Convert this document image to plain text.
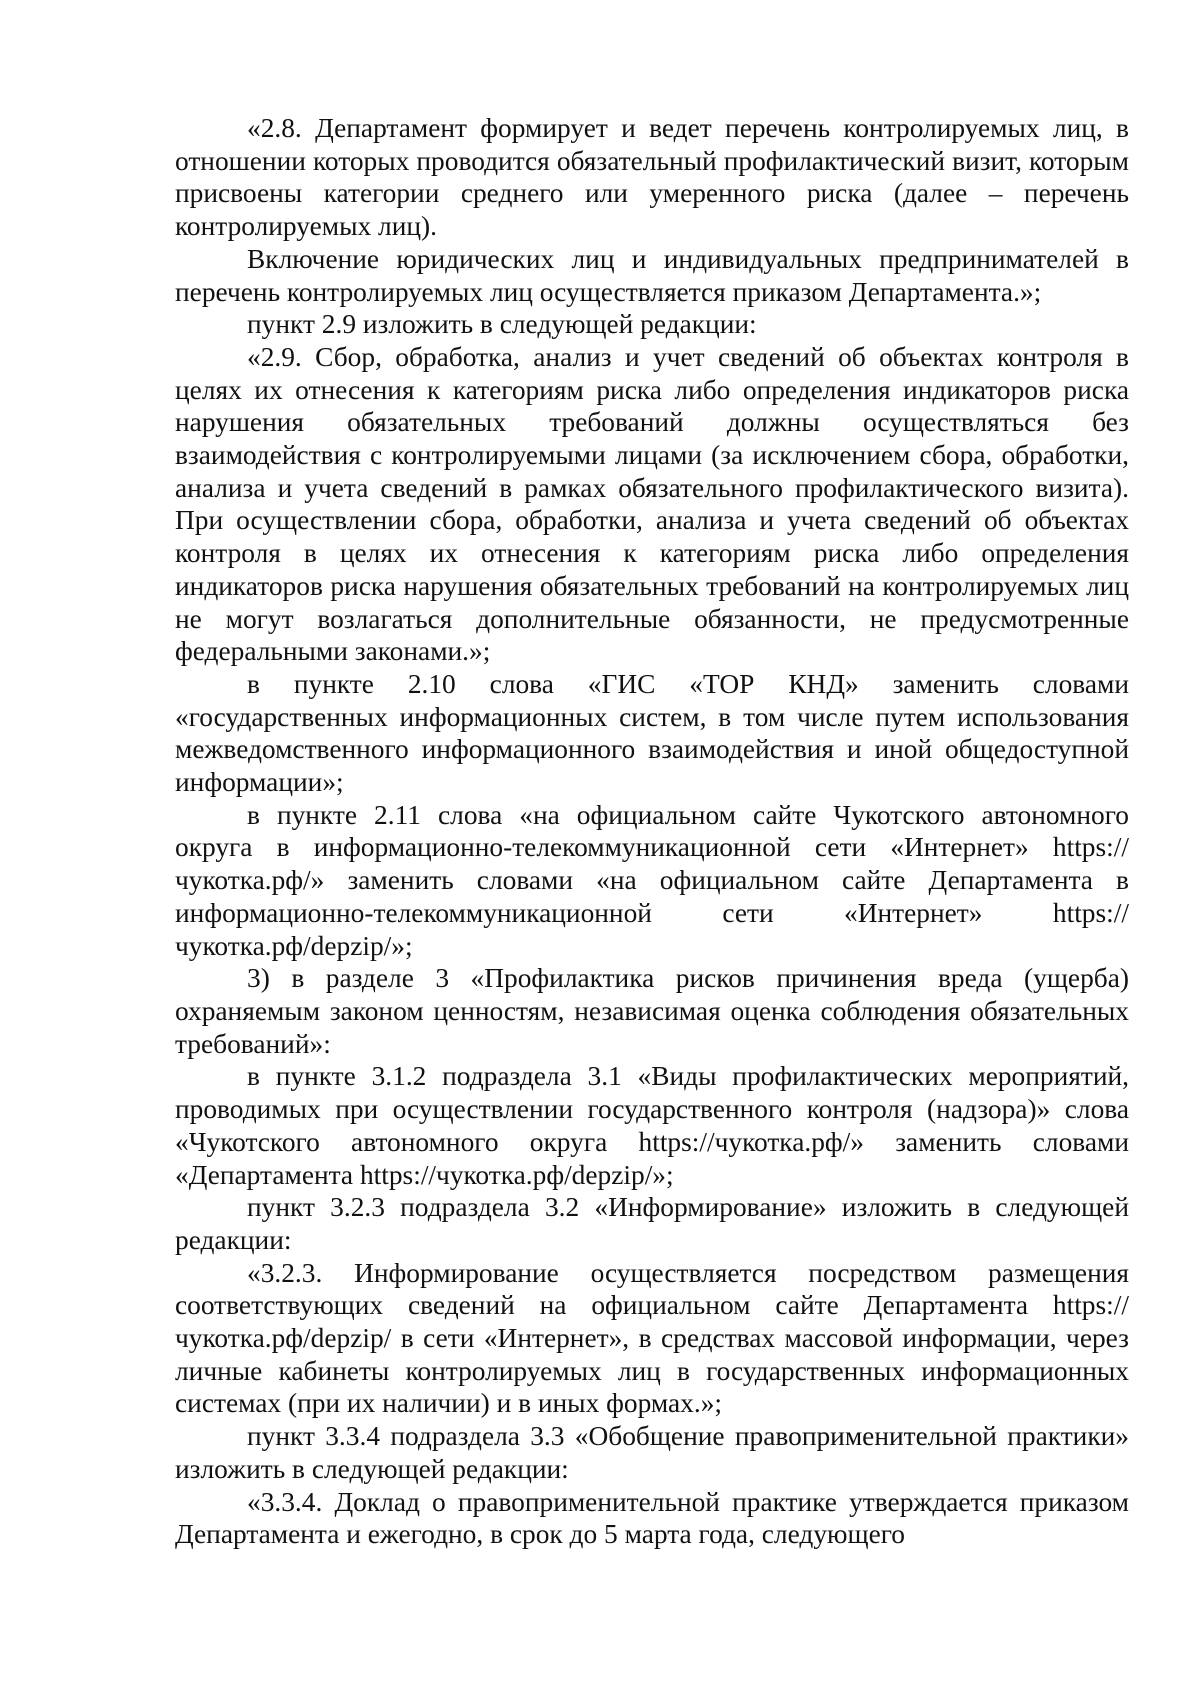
«2.8. Департамент формирует и ведет перечень контролируемых лиц, в отношении которых проводится обязательный профилактический визит, которым присвоены категории среднего или умеренного риска (далее – перечень контролируемых лиц).

Включение юридических лиц и индивидуальных предпринимателей в перечень контролируемых лиц осуществляется приказом Департамента.»;

пункт 2.9 изложить в следующей редакции:

«2.9. Сбор, обработка, анализ и учет сведений об объектах контроля в целях их отнесения к категориям риска либо определения индикаторов риска нарушения обязательных требований должны осуществляться без взаимодействия с контролируемыми лицами (за исключением сбора, обработки, анализа и учета сведений в рамках обязательного профилактического визита). При осуществлении сбора, обработки, анализа и учета сведений об объектах контроля в целях их отнесения к категориям риска либо определения индикаторов риска нарушения обязательных требований на контролируемых лиц не могут возлагаться дополнительные обязанности, не предусмотренные федеральными законами.»;

в пункте 2.10 слова «ГИС «ТОР КНД» заменить словами «государственных информационных систем, в том числе путем использования межведомственного информационного взаимодействия и иной общедоступной информации»;

в пункте 2.11 слова «на официальном сайте Чукотского автономного округа в информационно-телекоммуникационной сети «Интернет» https://чукотка.рф/» заменить словами «на официальном сайте Департамента в информационно-телекоммуникационной сети «Интернет» https://чукотка.рф/depzip/»;

3) в разделе 3 «Профилактика рисков причинения вреда (ущерба) охраняемым законом ценностям, независимая оценка соблюдения обязательных требований»:

в пункте 3.1.2 подраздела 3.1 «Виды профилактических мероприятий, проводимых при осуществлении государственного контроля (надзора)» слова «Чукотского автономного округа https://чукотка.рф/» заменить словами «Департамента https://чукотка.рф/depzip/»;

пункт 3.2.3 подраздела 3.2 «Информирование» изложить в следующей редакции:

«3.2.3. Информирование осуществляется посредством размещения соответствующих сведений на официальном сайте Департамента https://чукотка.рф/depzip/ в сети «Интернет», в средствах массовой информации, через личные кабинеты контролируемых лиц в государственных информационных системах (при их наличии) и в иных формах.»;

пункт 3.3.4 подраздела 3.3 «Обобщение правоприменительной практики» изложить в следующей редакции:

«3.3.4. Доклад о правоприменительной практике утверждается приказом Департамента и ежегодно, в срок до 5 марта года, следующего
